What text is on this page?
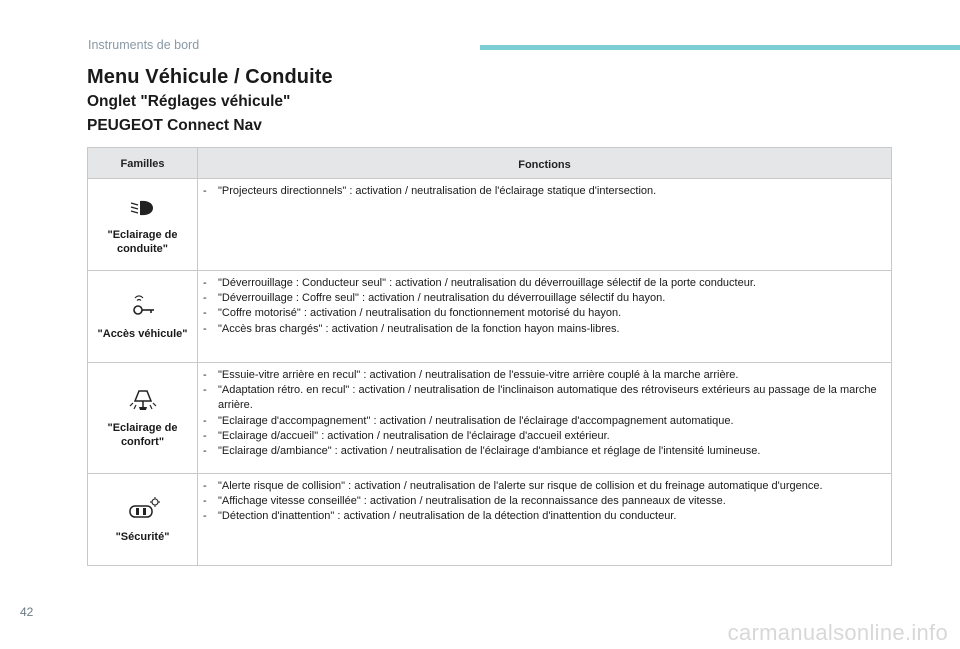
Instruments de bord
Menu Véhicule / Conduite
Onglet "Réglages véhicule"
PEUGEOT Connect Nav
Familles	Fonctions
"Eclairage de conduite"
-	"Projecteurs directionnels" : activation / neutralisation de l'éclairage statique d'intersection.
"Accès véhicule"
-	"Déverrouillage : Conducteur seul" : activation / neutralisation du déverrouillage sélectif de la porte conducteur.
-	"Déverrouillage : Coffre seul" : activation / neutralisation du déverrouillage sélectif du hayon.
-	"Coffre motorisé" : activation / neutralisation du fonctionnement motorisé du hayon.
-	"Accès bras chargés" : activation / neutralisation de la fonction hayon mains-libres.
"Eclairage de confort"
-	"Essuie-vitre arrière en recul" : activation / neutralisation de l'essuie-vitre arrière couplé à la marche arrière.
-	"Adaptation rétro. en recul" : activation / neutralisation de l'inclinaison automatique des rétroviseurs extérieurs au passage de la marche arrière.
-	"Eclairage d'accompagnement" : activation / neutralisation de l'éclairage d'accompagnement automatique.
-	"Eclairage d/accueil" : activation / neutralisation de l'éclairage d'accueil extérieur.
-	"Eclairage d/ambiance" : activation / neutralisation de l'éclairage d'ambiance et réglage de l'intensité lumineuse.
"Sécurité"
-	"Alerte risque de collision" : activation / neutralisation de l'alerte sur risque de collision et du freinage automatique d'urgence.
-	"Affichage vitesse conseillée" : activation / neutralisation de la reconnaissance des panneaux de vitesse.
-	"Détection d'inattention" : activation / neutralisation de la détection d'inattention du conducteur.
42
carmanualsonline.info
